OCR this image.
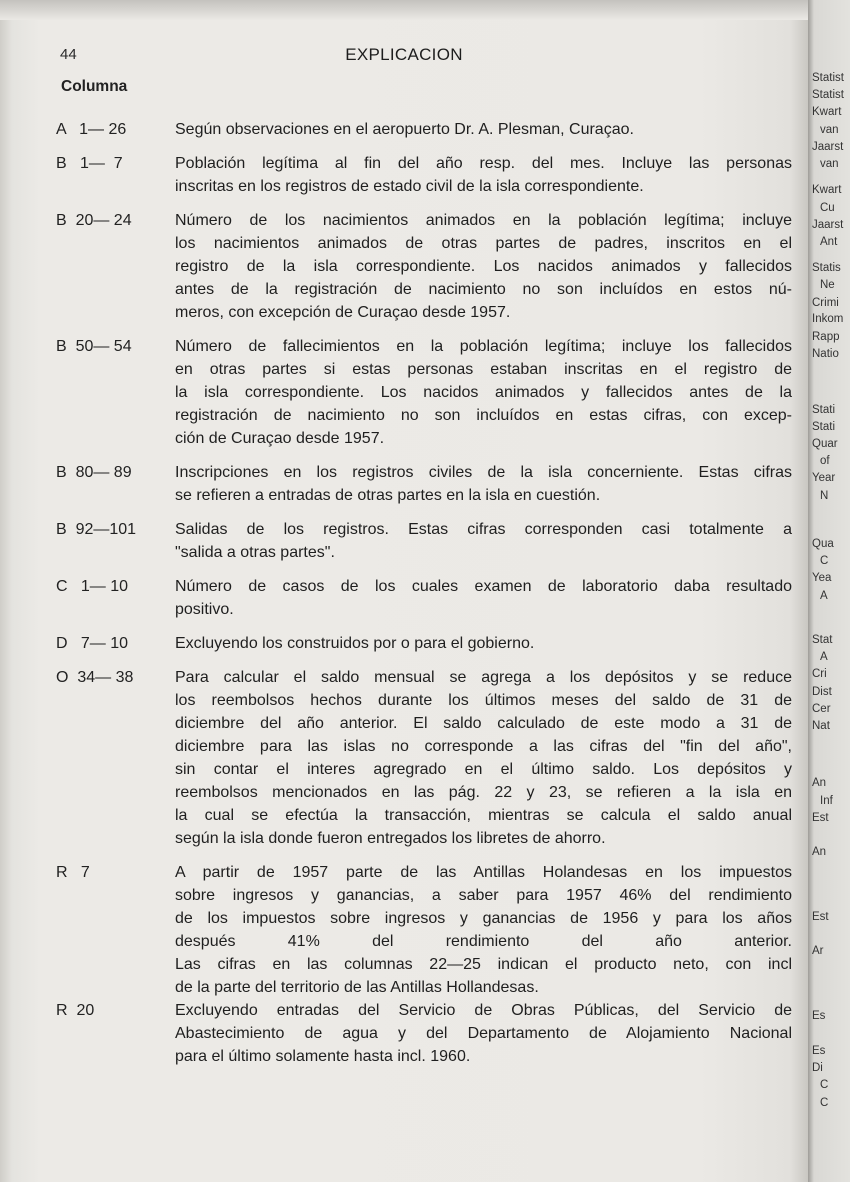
44	EXPLICACION
Columna
A   1— 26	Según observaciones en el aeropuerto Dr. A. Plesman, Curaçao.
B   1—  7	Población legítima al fin del año resp. del mes. Incluye las personas
inscritas en los registros de estado civil de la isla correspondiente.
B  20— 24	Número de los nacimientos animados en la población legítima; incluye
los nacimientos animados de otras partes de padres, inscritos en el
registro de la isla correspondiente. Los nacidos animados y fallecidos
antes de la registración de nacimiento no son incluídos en estos nú-
meros, con excepción de Curaçao desde 1957.
B  50— 54	Número de fallecimientos en la población legítima; incluye los fallecidos
en otras partes si estas personas estaban inscritas en el registro de
la isla correspondiente. Los nacidos animados y fallecidos antes de la
registración de nacimiento no son incluídos en estas cifras, con excep-
ción de Curaçao desde 1957.
B  80— 89	Inscripciones en los registros civiles de la isla concerniente. Estas cifras
se refieren a entradas de otras partes en la isla en cuestión.
B  92—101 Salidas de los registros. Estas cifras corresponden casi totalmente a
"salida a otras partes".
C   1— 10	Número de casos de los cuales examen de laboratorio daba resultado
positivo.
D   7— 10	Excluyendo los construidos por o para el gobierno.
O  34— 38	Para calcular el saldo mensual se agrega a los depósitos y se reduce
los reembolsos hechos durante los últimos meses del saldo de 31 de
diciembre del año anterior. El saldo calculado de este modo a 31 de
diciembre para las islas no corresponde a las cifras del "fin del año",
sin contar el interes agregrado en el último saldo. Los depósitos y
reembolsos mencionados en las pág. 22 y 23, se refieren a la isla en
la cual se efectúa la transacción, mientras se calcula el saldo anual
según la isla donde fueron entregados los libretes de ahorro.
R   7	A partir de 1957 parte de las Antillas Holandesas en los impuestos
sobre ingresos y ganancias, a saber para 1957 46% del rendimiento
de los impuestos sobre ingresos y ganancias de 1956 y para los años
después 41% del rendimiento del año anterior.
Las cifras en las columnas 22—25 indican el producto neto, con incl
de la parte del territorio de las Antillas Hollandesas.
R  20	Excluyendo entradas del Servicio de Obras Públicas, del Servicio de
Abastecimiento de agua y del Departamento de Alojamiento Nacional
para el último solamente hasta incl. 1960.
Statist
Statist
Kwart
van
Jaarst
van
Kwart
Cu
Jaarst
Ant
Statis
Ne
Crimi
Inkom
Rapp
Natio
Stati
Stati
Quar
of
Year
N
Qua
C
Yea
A
Stat
A
Cri
Dist
Cer
Nat
An
Inf
Est
An
Est
Ar
Es
Es
Di
C
C
